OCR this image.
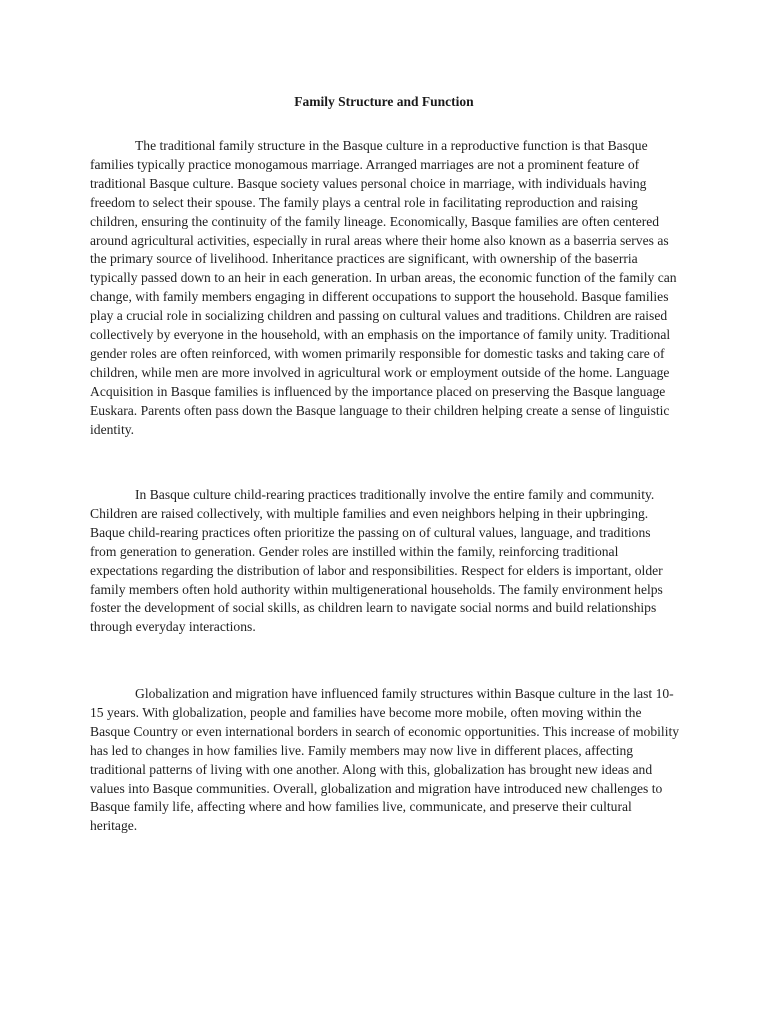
Family Structure and Function

The traditional family structure in the Basque culture in a reproductive function is that Basque families typically practice monogamous marriage. Arranged marriages are not a prominent feature of traditional Basque culture. Basque society values personal choice in marriage, with individuals having freedom to select their spouse. The family plays a central role in facilitating reproduction and raising children, ensuring the continuity of the family lineage. Economically, Basque families are often centered around agricultural activities, especially in rural areas where their home also known as a baserria serves as the primary source of livelihood. Inheritance practices are significant, with ownership of the baserria typically passed down to an heir in each generation. In urban areas, the economic function of the family can change, with family members engaging in different occupations to support the household. Basque families play a crucial role in socializing children and passing on cultural values and traditions. Children are raised collectively by everyone in the household, with an emphasis on the importance of family unity. Traditional gender roles are often reinforced, with women primarily responsible for domestic tasks and taking care of children, while men are more involved in agricultural work or employment outside of the home. Language Acquisition in Basque families is influenced by the importance placed on preserving the Basque language Euskara. Parents often pass down the Basque language to their children helping create a sense of linguistic identity.

In Basque culture child-rearing practices traditionally involve the entire family and community. Children are raised collectively, with multiple families and even neighbors helping in their upbringing. Baque child-rearing practices often prioritize the passing on of cultural values, language, and traditions from generation to generation. Gender roles are instilled within the family, reinforcing traditional expectations regarding the distribution of labor and responsibilities. Respect for elders is important, older family members often hold authority within multigenerational households. The family environment helps foster the development of social skills, as children learn to navigate social norms and build relationships through everyday interactions.

Globalization and migration have influenced family structures within Basque culture in the last 10-15 years. With globalization, people and families have become more mobile, often moving within the Basque Country or even international borders in search of economic opportunities. This increase of mobility has led to changes in how families live. Family members may now live in different places, affecting traditional patterns of living with one another. Along with this, globalization has brought new ideas and values into Basque communities. Overall, globalization and migration have introduced new challenges to Basque family life, affecting where and how families live, communicate, and preserve their cultural heritage.
